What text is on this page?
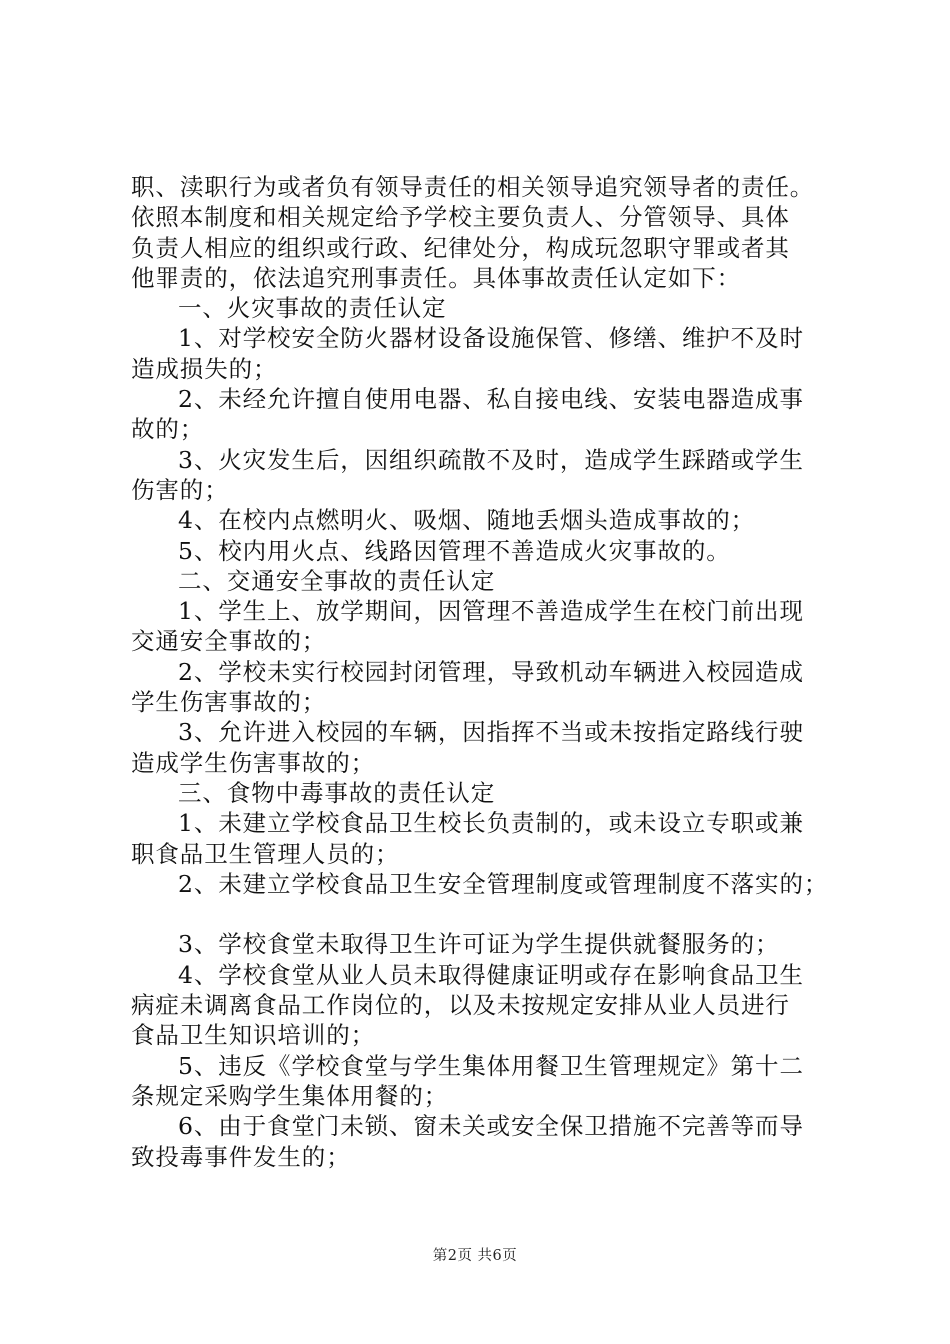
职、渎职行为或者负有领导责任的相关领导追究领导者的责任。

依照本制度和相关规定给予学校主要负责人、分管领导、具体

负责人相应的组织或行政、纪律处分，构成玩忽职守罪或者其

他罪责的，依法追究刑事责任。具体事故责任认定如下：

一、火灾事故的责任认定

1、对学校安全防火器材设备设施保管、修缮、维护不及时

造成损失的；

2、未经允许擅自使用电器、私自接电线、安装电器造成事

故的；

3、火灾发生后，因组织疏散不及时，造成学生踩踏或学生

伤害的；

4、在校内点燃明火、吸烟、随地丢烟头造成事故的；

5、校内用火点、线路因管理不善造成火灾事故的。

二、交通安全事故的责任认定

1、学生上、放学期间，因管理不善造成学生在校门前出现

交通安全事故的；

2、学校未实行校园封闭管理，导致机动车辆进入校园造成

学生伤害事故的；

3、允许进入校园的车辆，因指挥不当或未按指定路线行驶

造成学生伤害事故的；

三、食物中毒事故的责任认定

1、未建立学校食品卫生校长负责制的，或未设立专职或兼

职食品卫生管理人员的；

2、未建立学校食品卫生安全管理制度或管理制度不落实的；

3、学校食堂未取得卫生许可证为学生提供就餐服务的；

4、学校食堂从业人员未取得健康证明或存在影响食品卫生

病症未调离食品工作岗位的，以及未按规定安排从业人员进行

食品卫生知识培训的；

5、违反《学校食堂与学生集体用餐卫生管理规定》第十二

条规定采购学生集体用餐的；

6、由于食堂门未锁、窗未关或安全保卫措施不完善等而导

致投毒事件发生的；

第2页 共6页
